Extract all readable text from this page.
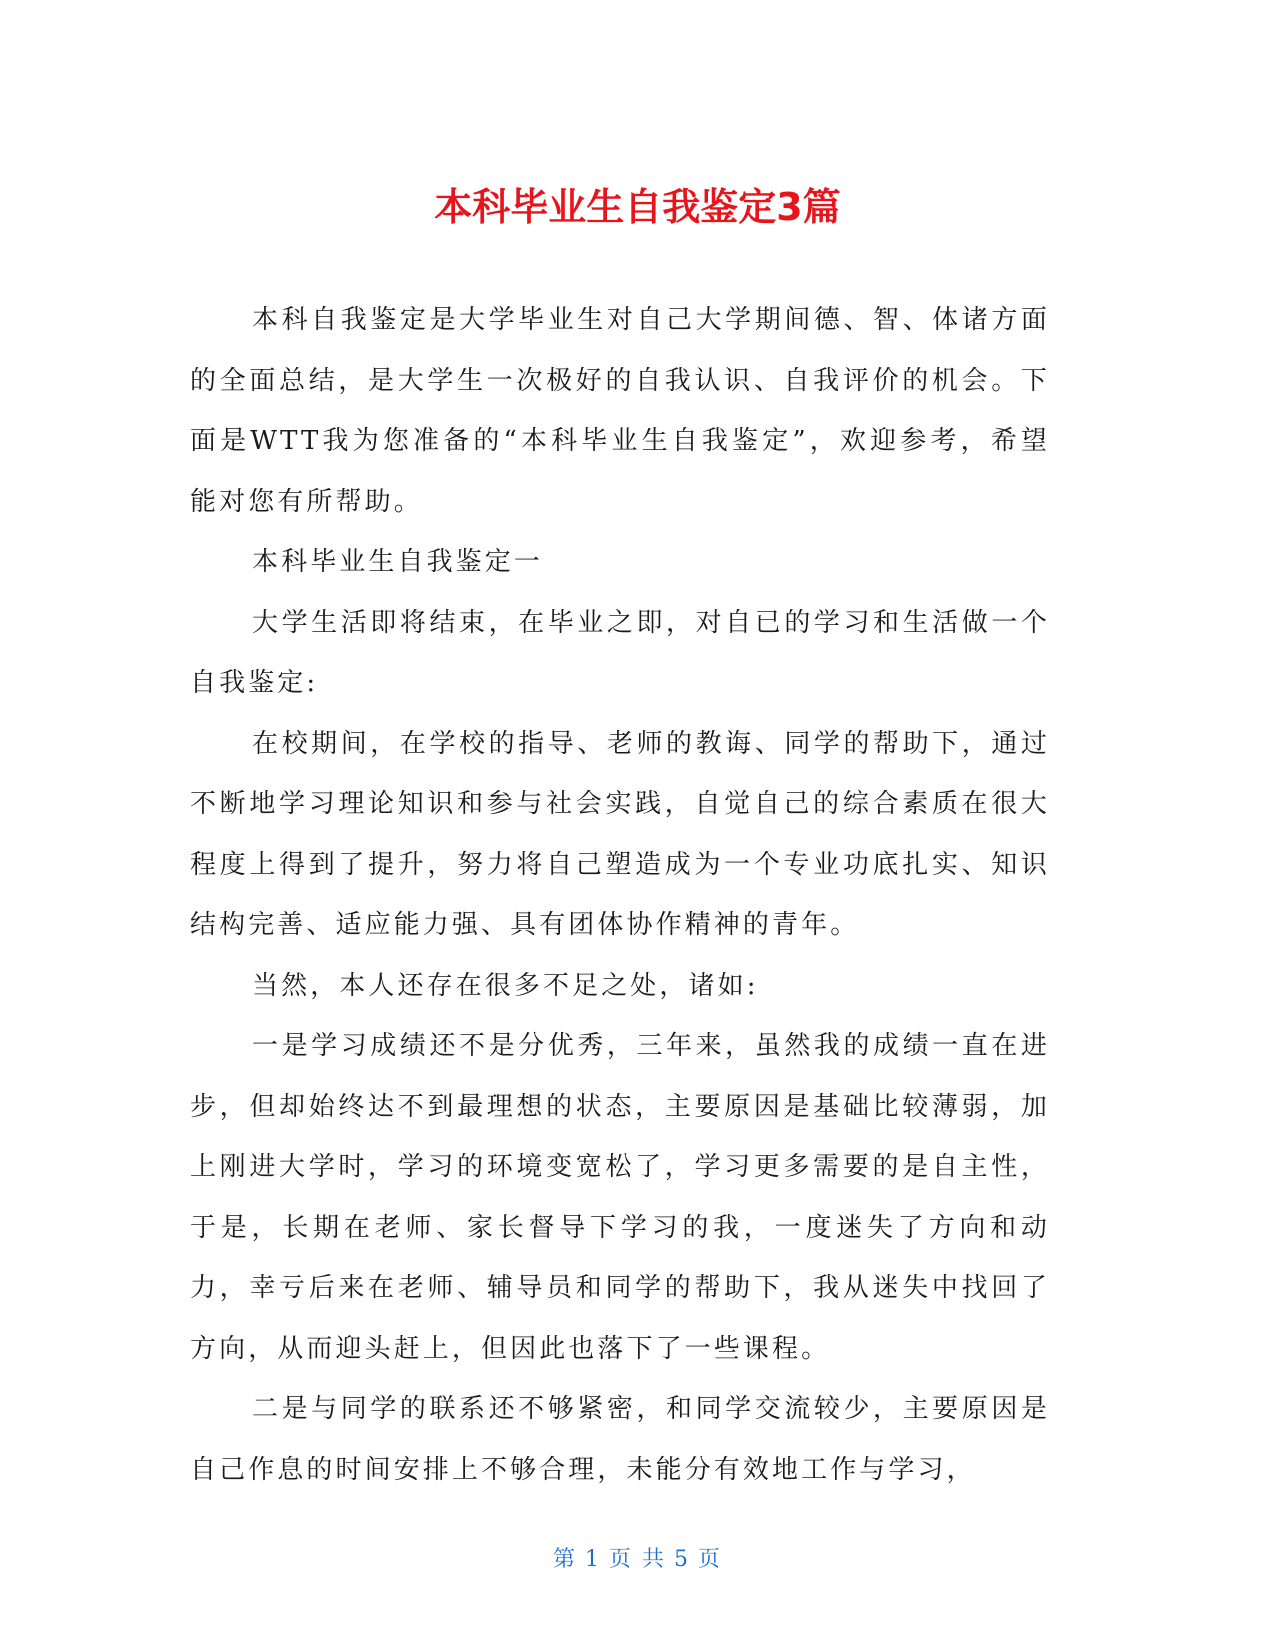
本科毕业生自我鉴定3篇

本科自我鉴定是大学毕业生对自己大学期间德、智、体诸方面的全面总结，是大学生一次极好的自我认识、自我评价的机会。下面是WTT我为您准备的“本科毕业生自我鉴定”，欢迎参考，希望能对您有所帮助。

本科毕业生自我鉴定一

大学生活即将结束，在毕业之即，对自已的学习和生活做一个自我鉴定:

在校期间，在学校的指导、老师的教诲、同学的帮助下，通过不断地学习理论知识和参与社会实践，自觉自己的综合素质在很大程度上得到了提升，努力将自己塑造成为一个专业功底扎实、知识结构完善、适应能力强、具有团体协作精神的青年。

当然，本人还存在很多不足之处，诸如:

一是学习成绩还不是分优秀，三年来，虽然我的成绩一直在进步，但却始终达不到最理想的状态，主要原因是基础比较薄弱，加上刚进大学时，学习的环境变宽松了，学习更多需要的是自主性，于是，长期在老师、家长督导下学习的我，一度迷失了方向和动力，幸亏后来在老师、辅导员和同学的帮助下，我从迷失中找回了方向，从而迎头赶上，但因此也落下了一些课程。

二是与同学的联系还不够紧密，和同学交流较少，主要原因是自己作息的时间安排上不够合理，未能分有效地工作与学习，

第 1 页 共 5 页
